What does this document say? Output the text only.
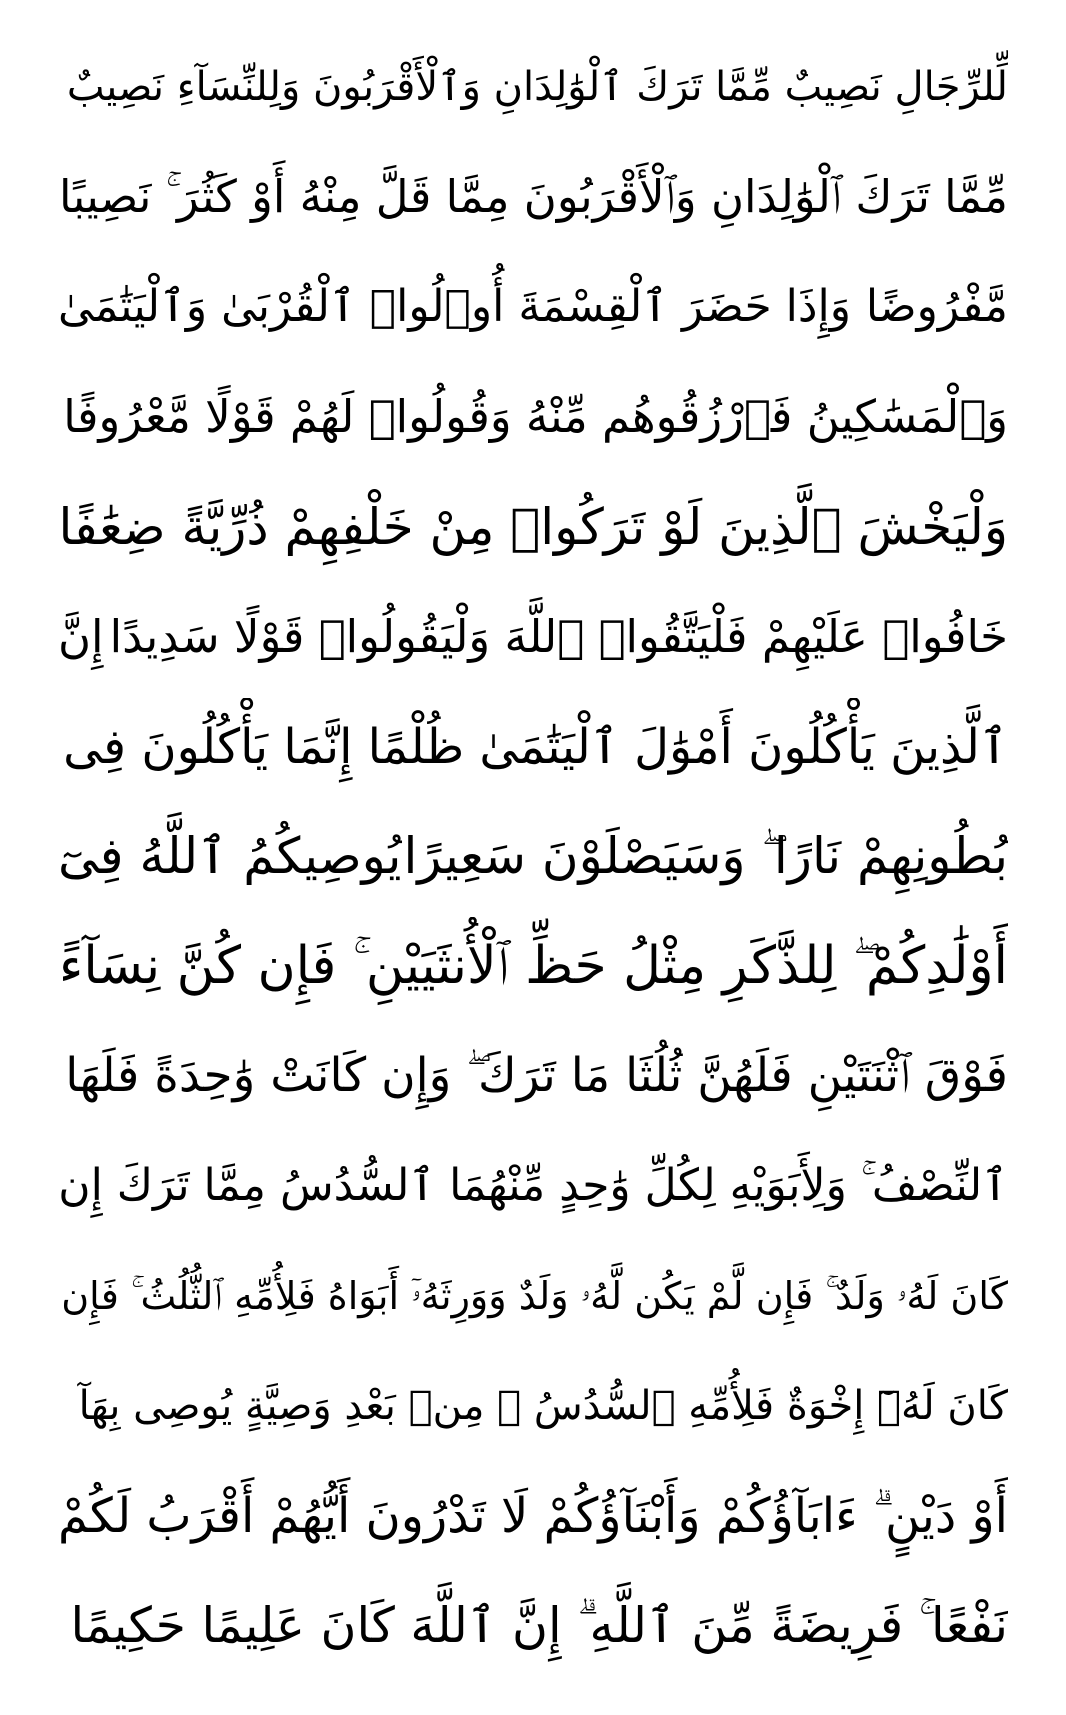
لِّلرِّجَالِ نَصِيبٌ مِّمَّا تَرَكَ ٱلْوَٰلِدَانِ وَٱلْأَقْرَبُونَ وَلِلنِّسَآءِ نَصِيبٌ
مِّمَّا تَرَكَ ٱلْوَٰلِدَانِ وَٱلْأَقْرَبُونَ مِمَّا قَلَّ مِنْهُ أَوْ كَثُرَ ۚ نَصِيبًا
مَّفْرُوضًا
وَإِذَا حَضَرَ ٱلْقِسْمَةَ أُو۟لُوا۟ ٱلْقُرْبَىٰ وَٱلْيَتَٰمَىٰ
وَٱلْمَسَٰكِينُ فَٱرْزُقُوهُم مِّنْهُ وَقُولُوا۟ لَهُمْ قَوْلًا مَّعْرُوفًا
وَلْيَخْشَ ٱلَّذِينَ لَوْ تَرَكُوا۟ مِنْ خَلْفِهِمْ ذُرِّيَّةً ضِعَٰفًا
خَافُوا۟ عَلَيْهِمْ فَلْيَتَّقُوا۟ ٱللَّهَ وَلْيَقُولُوا۟ قَوْلًا سَدِيدًا
إِنَّ
ٱلَّذِينَ يَأْكُلُونَ أَمْوَٰلَ ٱلْيَتَٰمَىٰ ظُلْمًا إِنَّمَا يَأْكُلُونَ فِى
بُطُونِهِمْ نَارًا ۖ وَسَيَصْلَوْنَ سَعِيرًا
يُوصِيكُمُ ٱللَّهُ فِىٓ
أَوْلَٰدِكُمْ ۖ لِلذَّكَرِ مِثْلُ حَظِّ ٱلْأُنثَيَيْنِ ۚ فَإِن كُنَّ نِسَآءً
فَوْقَ ٱثْنَتَيْنِ فَلَهُنَّ ثُلُثَا مَا تَرَكَ ۖ وَإِن كَانَتْ وَٰحِدَةً فَلَهَا
ٱلنِّصْفُ ۚ وَلِأَبَوَيْهِ لِكُلِّ وَٰحِدٍ مِّنْهُمَا ٱلسُّدُسُ مِمَّا تَرَكَ إِن
كَانَ لَهُۥ وَلَدٌ ۚ فَإِن لَّمْ يَكُن لَّهُۥ وَلَدٌ وَوَرِثَهُۥٓ أَبَوَاهُ فَلِأُمِّهِ ٱلثُّلُثُ ۚ فَإِن
كَانَ لَهُۥٓ إِخْوَةٌ فَلِأُمِّهِ ٱلسُّدُسُ ۚ مِنۢ بَعْدِ وَصِيَّةٍ يُوصِى بِهَآ
أَوْ دَيْنٍ ۗ ءَابَآؤُكُمْ وَأَبْنَآؤُكُمْ لَا تَدْرُونَ أَيُّهُمْ أَقْرَبُ لَكُمْ
نَفْعًا ۚ فَرِيضَةً مِّنَ ٱللَّهِ ۗ إِنَّ ٱللَّهَ كَانَ عَلِيمًا حَكِيمًا
